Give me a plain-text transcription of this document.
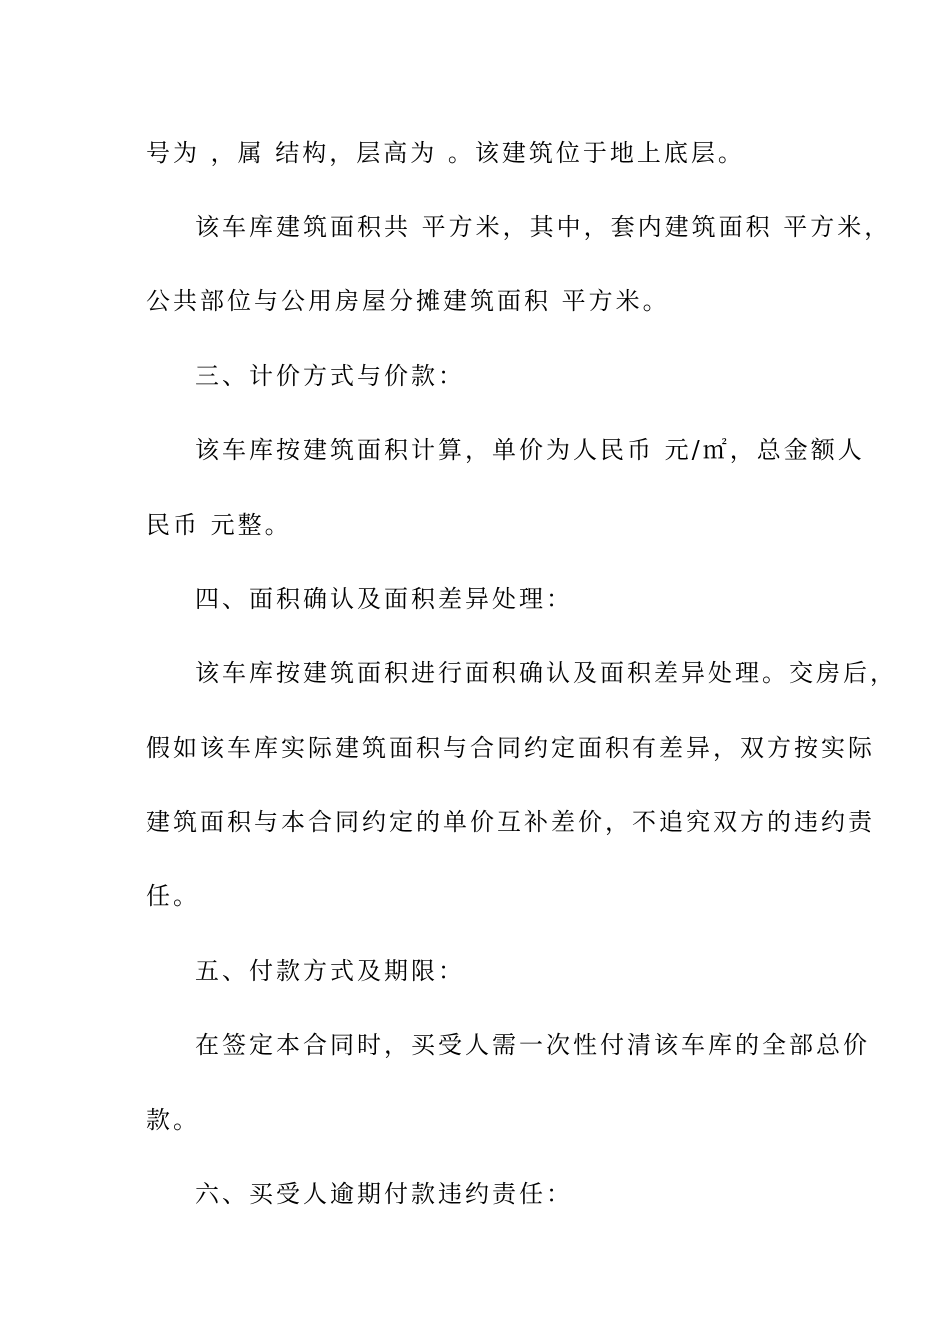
号为 ，属 结构，层高为 。该建筑位于地上底层。
该车库建筑面积共 平方米，其中，套内建筑面积 平方米，
公共部位与公用房屋分摊建筑面积 平方米。
三、计价方式与价款：
该车库按建筑面积计算，单价为人民币 元/㎡，总金额人
民币 元整。
四、面积确认及面积差异处理：
该车库按建筑面积进行面积确认及面积差异处理。交房后，
假如该车库实际建筑面积与合同约定面积有差异，双方按实际
建筑面积与本合同约定的单价互补差价，不追究双方的违约责
任。
五、付款方式及期限：
在签定本合同时，买受人需一次性付清该车库的全部总价
款。
六、买受人逾期付款违约责任：
